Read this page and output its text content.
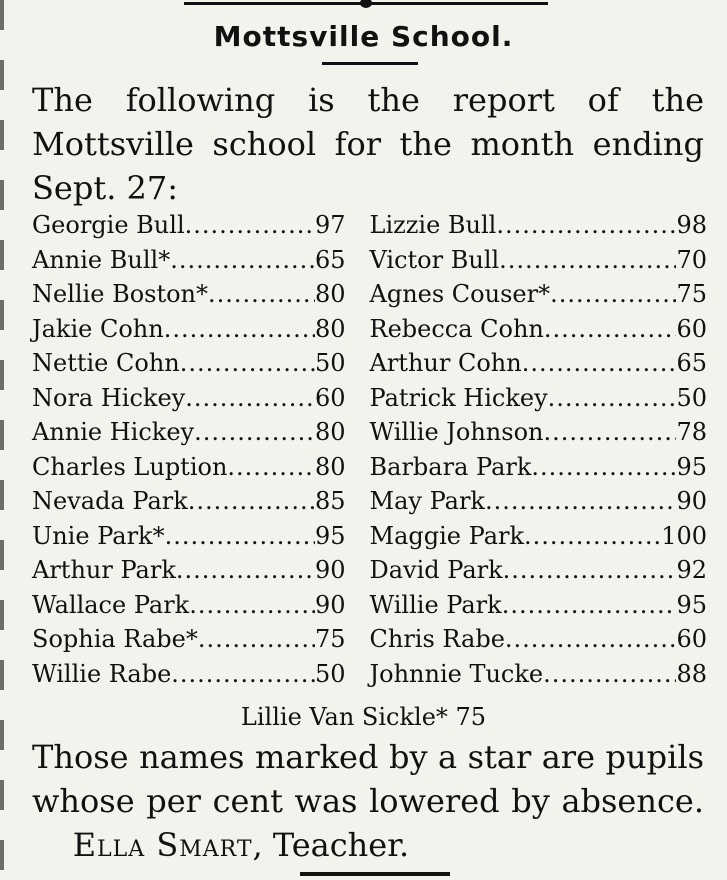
Mottsville School.
The following is the report of the Mottsville school for the month ending Sept. 27:
Georgie Bull .....	97 Lizzie Bull .....	98
Annie Bull* .....	65 Victor Bull .....	70
Nellie Boston* .....	80 Agnes Couser* .....	75
Jakie Cohn .....	80 Rebecca Cohn .....	60
Nettie Cohn .....	50 Arthur Cohn .....	65
Nora Hickey .....	60 Patrick Hickey .....	50
Annie Hickey .....	80 Willie Johnson .....	78
Charles Luption .....	80 Barbara Park .....	95
Nevada Park .....	85 May Park .....	90
Unie Park* .....	95 Maggie Park .....	100
Arthur Park .....	90 David Park .....	92
Wallace Park .....	90 Willie Park .....	95
Sophia Rabe* .....	75 Chris Rabe .....	60
Willie Rabe .....	50 Johnnie Tucke .....	88
Lillie Van Sickle* 75
Those names marked by a star are pupils whose per cent was lowered by absence.     Ella Smart, Teacher.
